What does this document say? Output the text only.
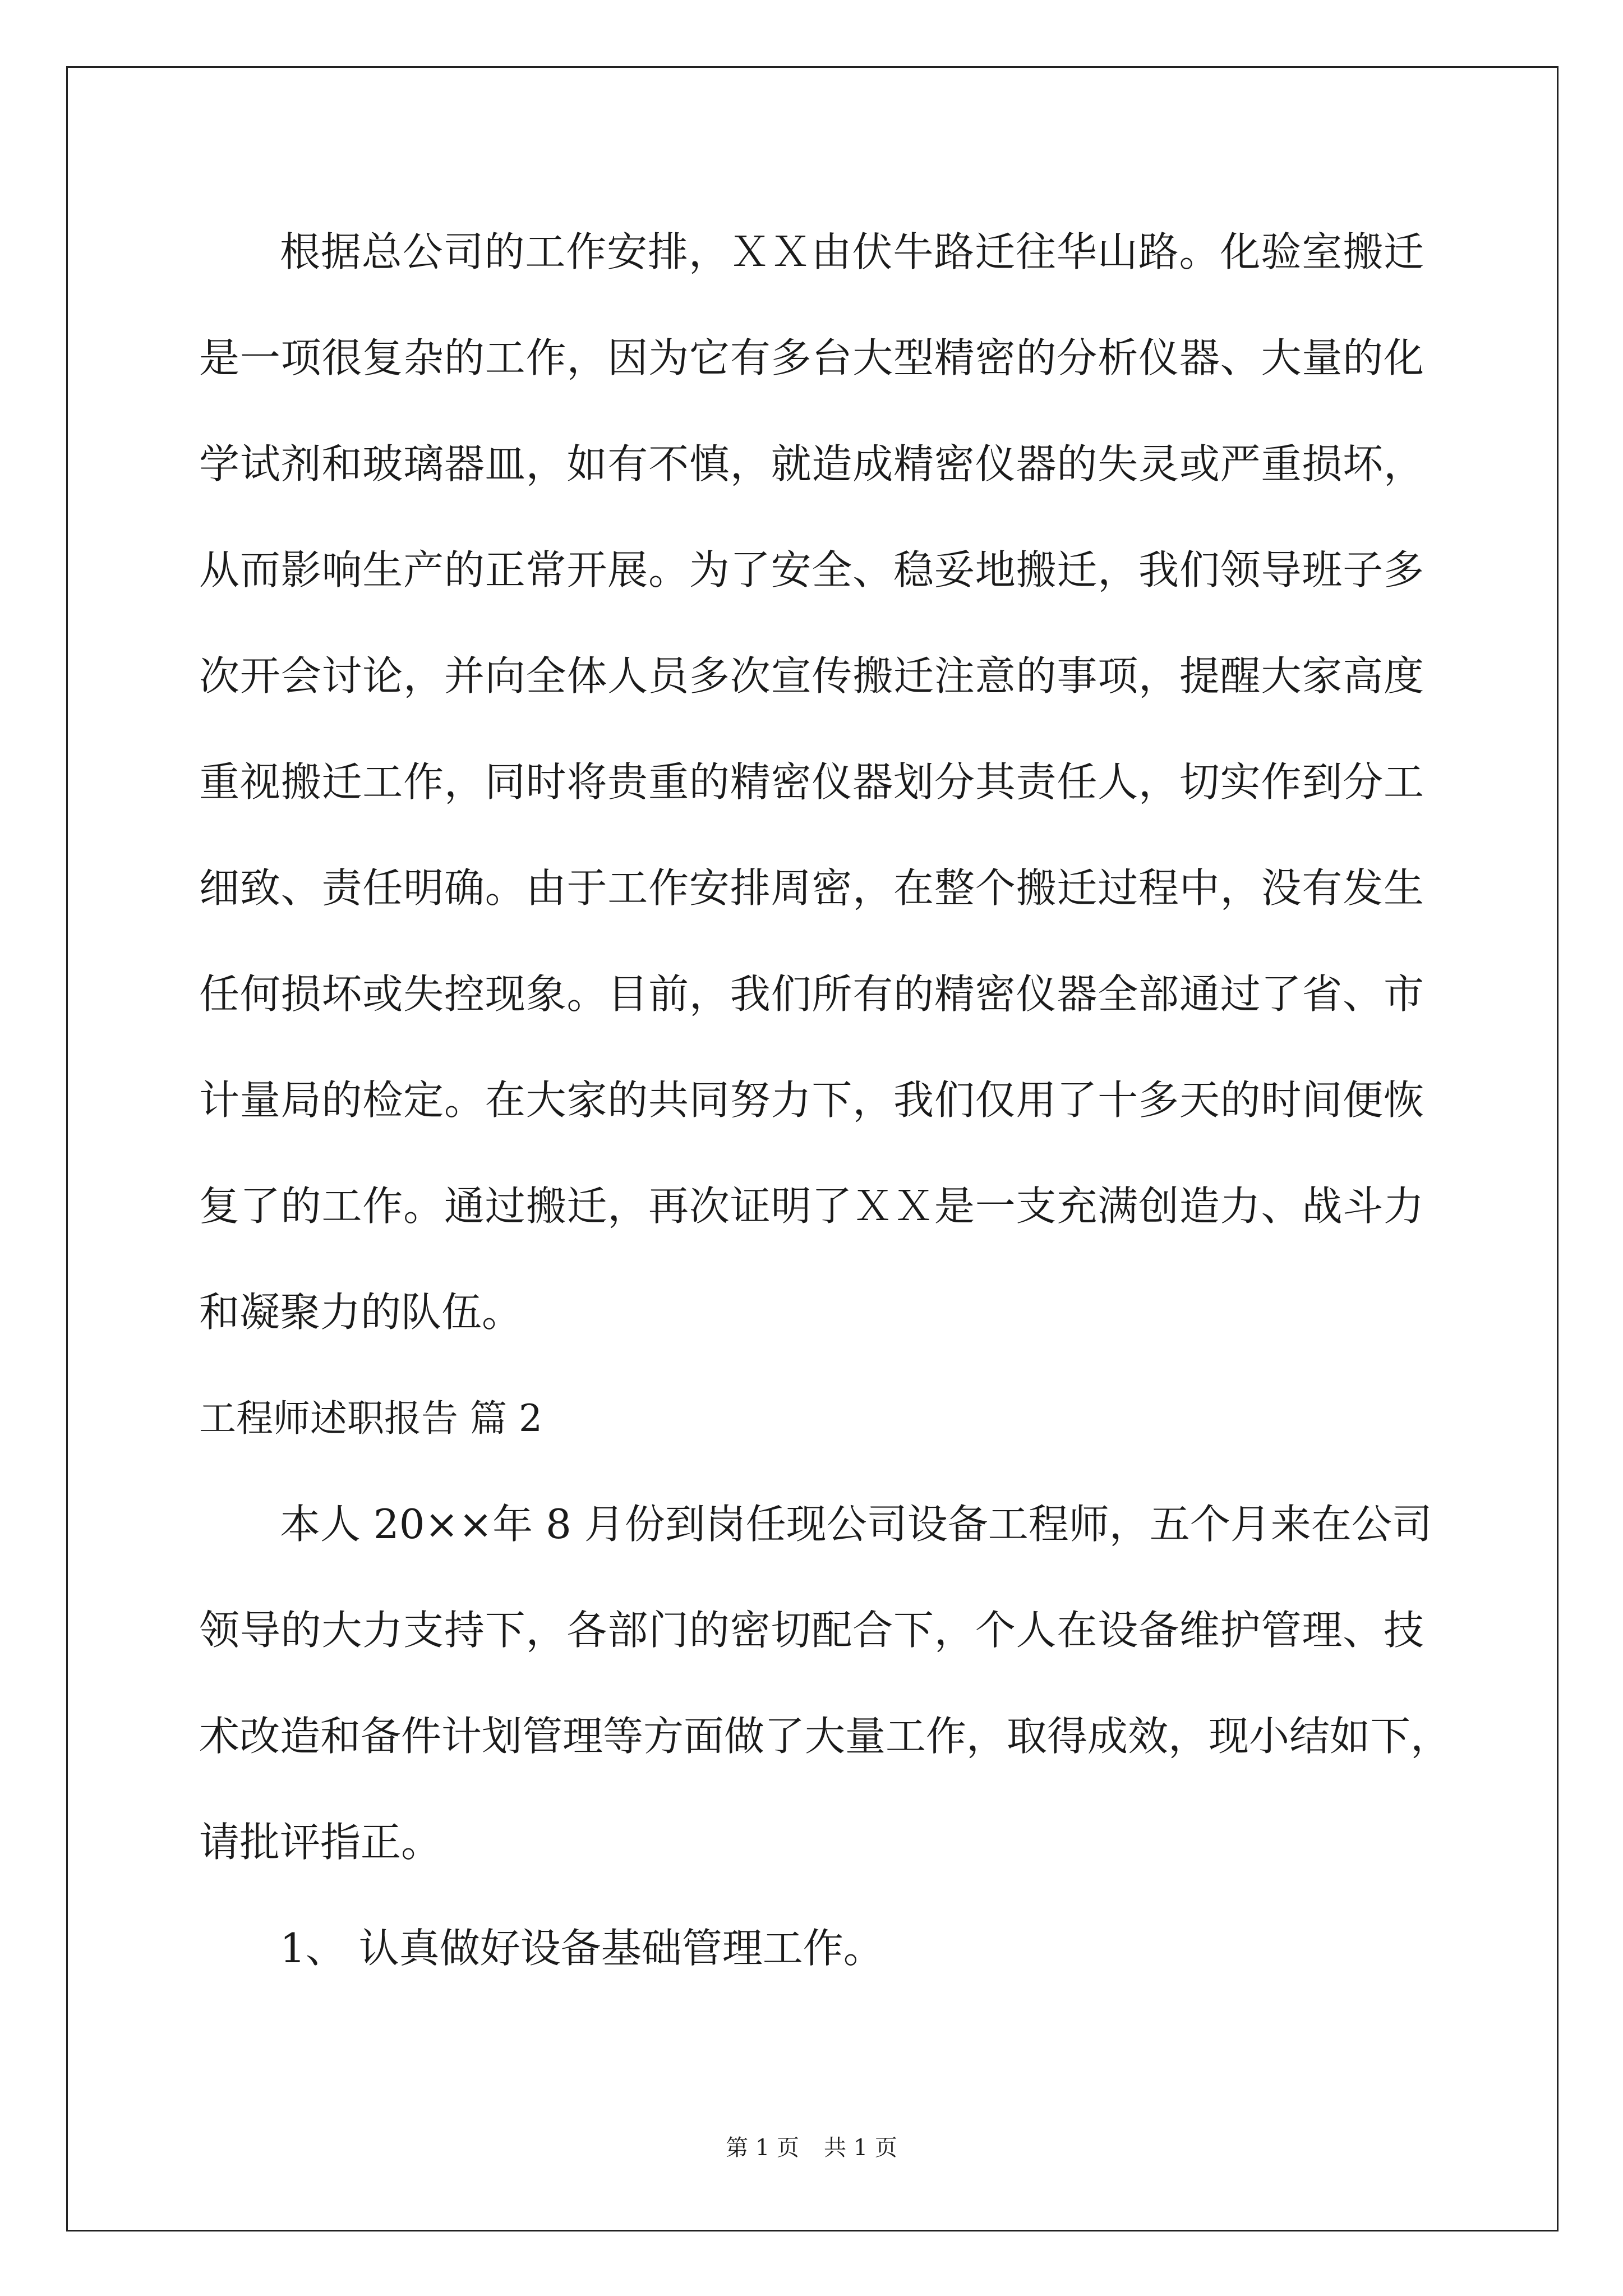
根据总公司的工作安排，ＸＸ由伏牛路迁往华山路。化验室搬迁
是一项很复杂的工作，因为它有多台大型精密的分析仪器、大量的化
学试剂和玻璃器皿，如有不慎，就造成精密仪器的失灵或严重损坏，
从而影响生产的正常开展。为了安全、稳妥地搬迁，我们领导班子多
次开会讨论，并向全体人员多次宣传搬迁注意的事项，提醒大家高度
重视搬迁工作，同时将贵重的精密仪器划分其责任人，切实作到分工
细致、责任明确。由于工作安排周密，在整个搬迁过程中，没有发生
任何损坏或失控现象。目前，我们所有的精密仪器全部通过了省、市
计量局的检定。在大家的共同努力下，我们仅用了十多天的时间便恢
复了的工作。通过搬迁，再次证明了ＸＸ是一支充满创造力、战斗力
和凝聚力的队伍。
工程师述职报告 篇 2
本人 20××年 8 月份到岗任现公司设备工程师，五个月来在公司
领导的大力支持下，各部门的密切配合下，个人在设备维护管理、技
术改造和备件计划管理等方面做了大量工作，取得成效，现小结如下，
请批评指正。
1、 认真做好设备基础管理工作。
第 1 页 共 1 页
